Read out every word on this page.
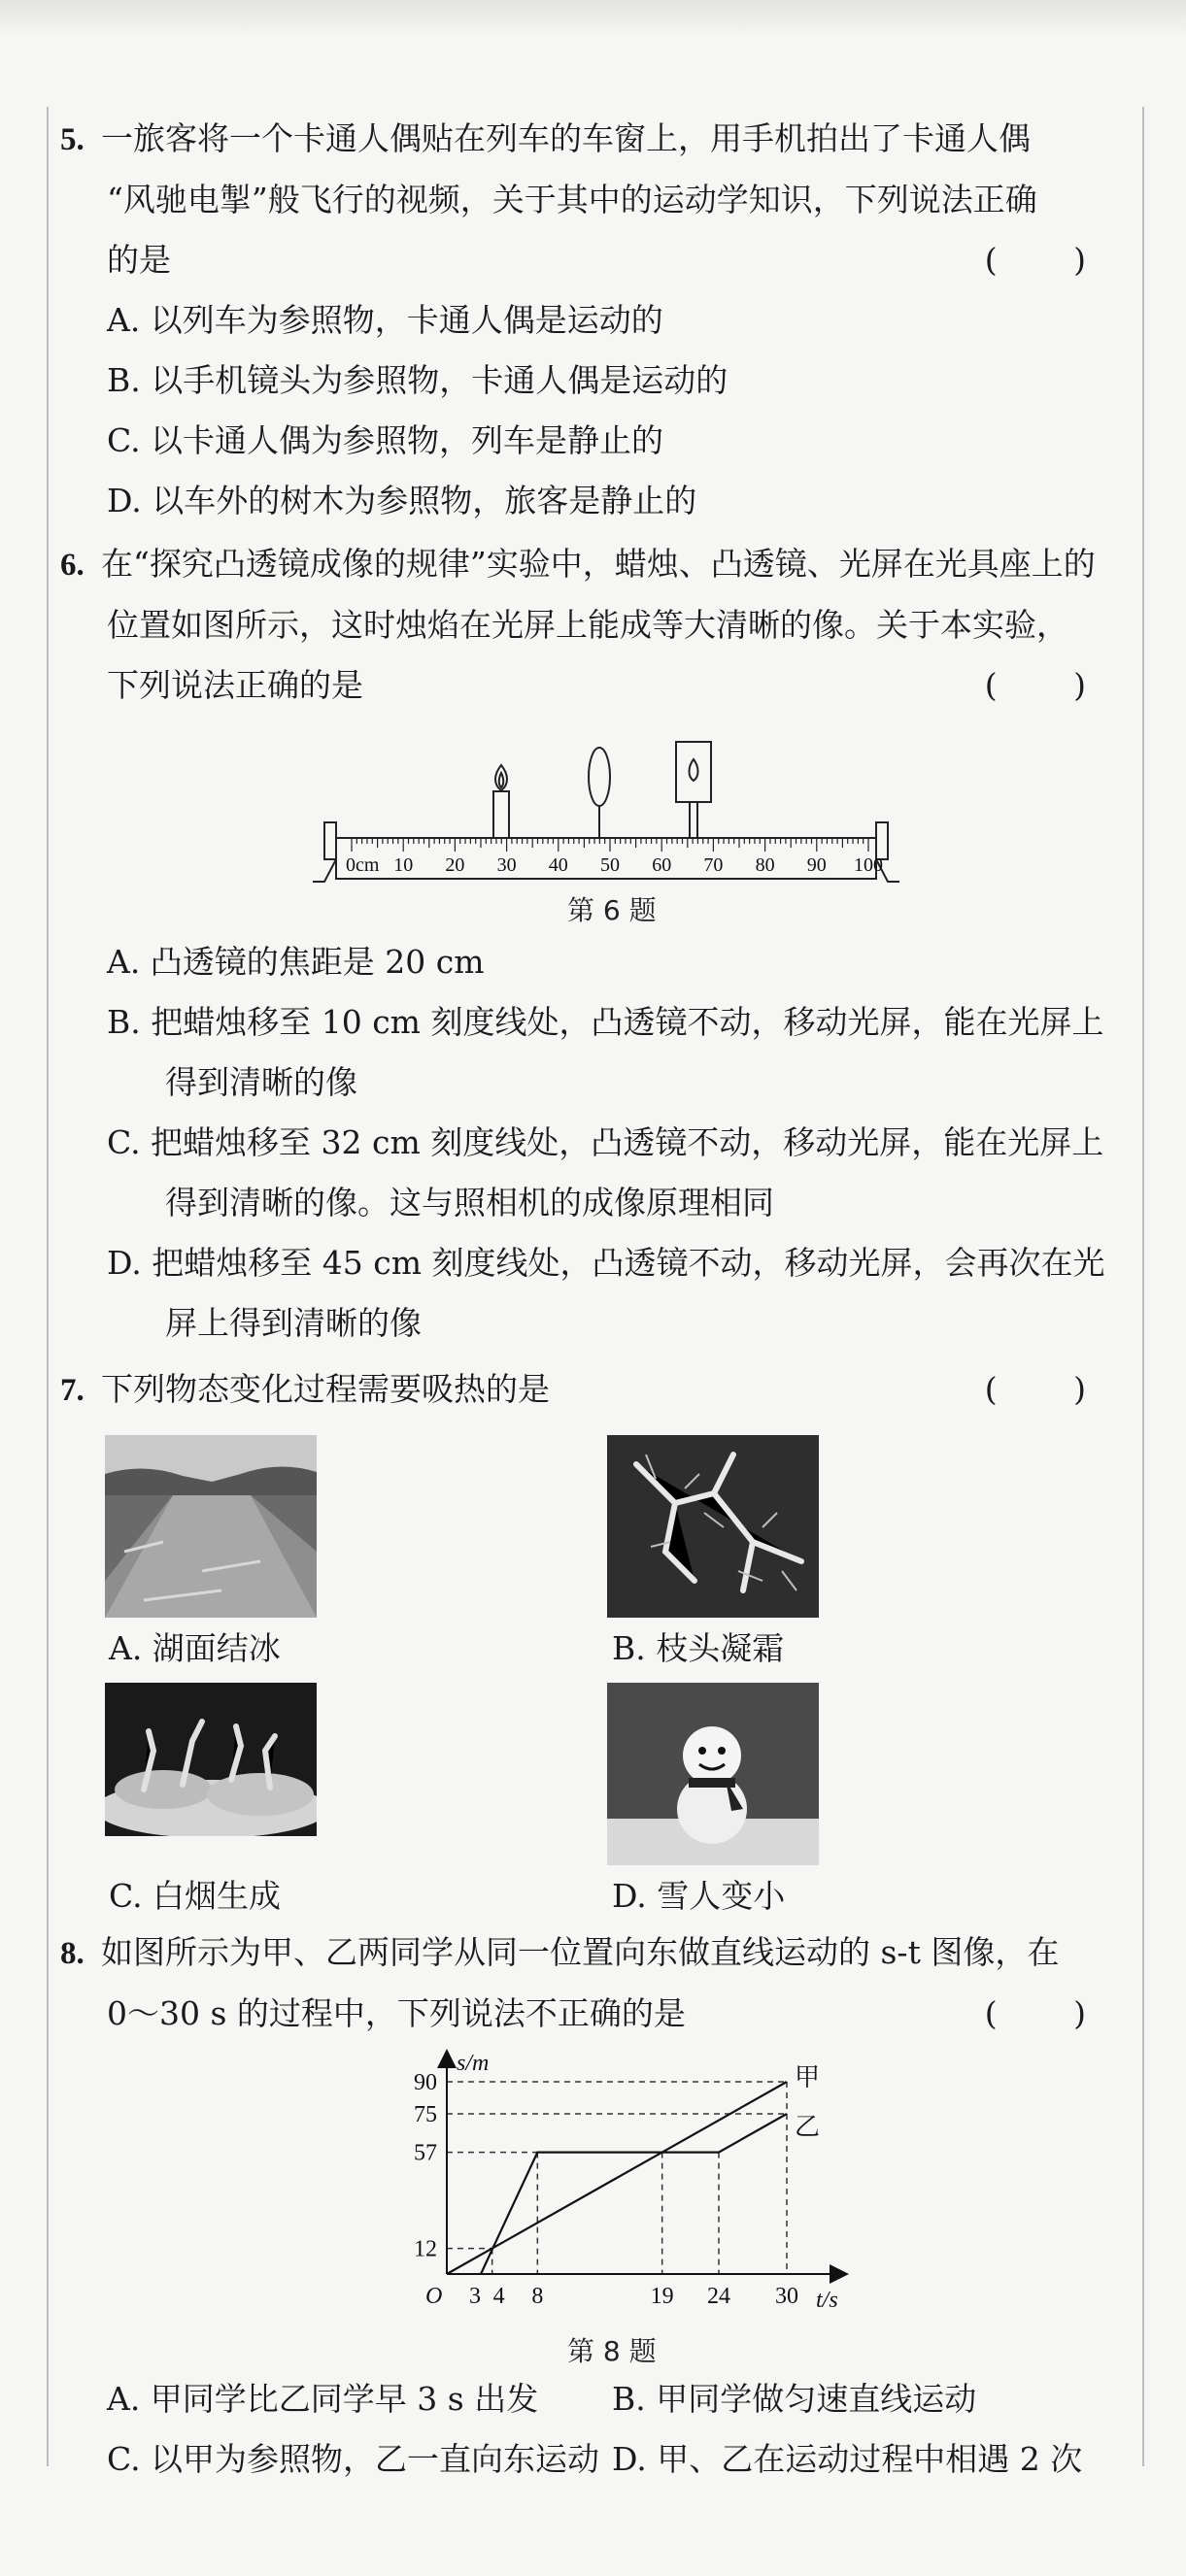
5. 一旅客将一个卡通人偶贴在列车的车窗上，用手机拍出了卡通人偶
“风驰电掣”般飞行的视频，关于其中的运动学知识，下列说法正确
的是	( )
A. 以列车为参照物，卡通人偶是运动的
B. 以手机镜头为参照物，卡通人偶是运动的
C. 以卡通人偶为参照物，列车是静止的
D. 以车外的树木为参照物，旅客是静止的
6. 在“探究凸透镜成像的规律”实验中，蜡烛、凸透镜、光屏在光具座上的
位置如图所示，这时烛焰在光屏上能成等大清晰的像。关于本实验，
下列说法正确的是	( )
0cm 10 20 30 40 50 60 70 80 90 100
第 6 题
A. 凸透镜的焦距是 20 cm
B. 把蜡烛移至 10 cm 刻度线处，凸透镜不动，移动光屏，能在光屏上
得到清晰的像
C. 把蜡烛移至 32 cm 刻度线处，凸透镜不动，移动光屏，能在光屏上
得到清晰的像。这与照相机的成像原理相同
D. 把蜡烛移至 45 cm 刻度线处，凸透镜不动，移动光屏，会再次在光
屏上得到清晰的像
7. 下列物态变化过程需要吸热的是	( )
A. 湖面结冰	B. 枝头凝霜
C. 白烟生成	D. 雪人变小
8. 如图所示为甲、乙两同学从同一位置向东做直线运动的 s-t 图像，在
0～30 s 的过程中，下列说法不正确的是	( )
s/m
t/s
O 3 4 8	19 24 30
12
57
75
90	甲
乙
第 8 题
A. 甲同学比乙同学早 3 s 出发 B. 甲同学做匀速直线运动
C. 以甲为参照物，乙一直向东运动 D. 甲、乙在运动过程中相遇 2 次
